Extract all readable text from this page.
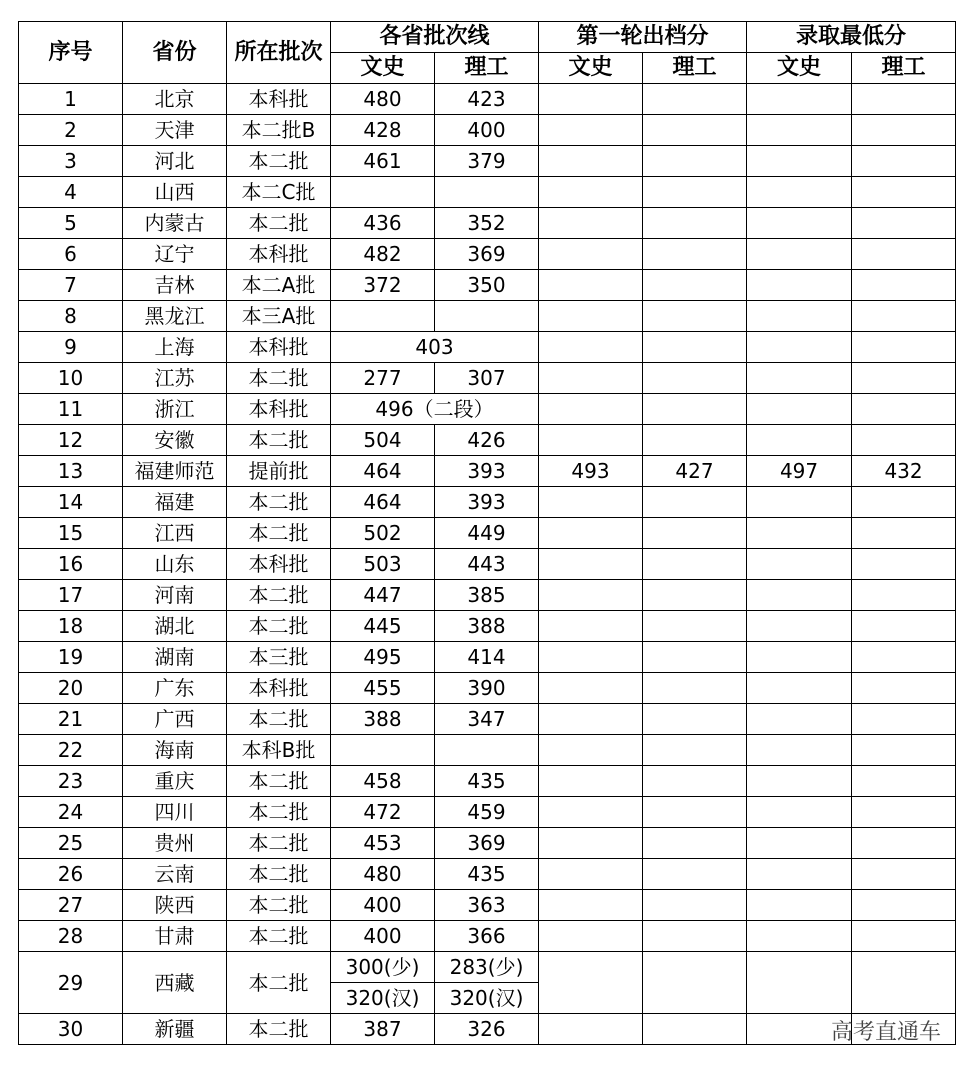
序号	省份	所在批次	各省批次线		第一轮出档分		录取最低分	
			文史	理工	文史	理工	文史	理工
1	北京	本科批	480	423				
2	天津	本二批B	428	400				
3	河北	本二批	461	379				
4	山西	本二C批						
5	内蒙古	本二批	436	352				
6	辽宁	本科批	482	369				
7	吉林	本二A批	372	350				
8	黑龙江	本三A批						
9	上海	本科批	403					
10	江苏	本二批	277	307				
11	浙江	本科批	496（二段）					
12	安徽	本二批	504	426				
13	福建师范	提前批	464	393	493	427	497	432
14	福建	本二批	464	393				
15	江西	本二批	502	449				
16	山东	本科批	503	443				
17	河南	本二批	447	385				
18	湖北	本二批	445	388				
19	湖南	本三批	495	414				
20	广东	本科批	455	390				
21	广西	本二批	388	347				
22	海南	本科B批						
23	重庆	本二批	458	435				
24	四川	本二批	472	459				
25	贵州	本二批	453	369				
26	云南	本二批	480	435				
27	陕西	本二批	400	363				
28	甘肃	本二批	400	366				
29	西藏	本二批	300(少)	283(少)				
			320(汉)	320(汉)				
30	新疆	本二批	387	326					高考直通车
